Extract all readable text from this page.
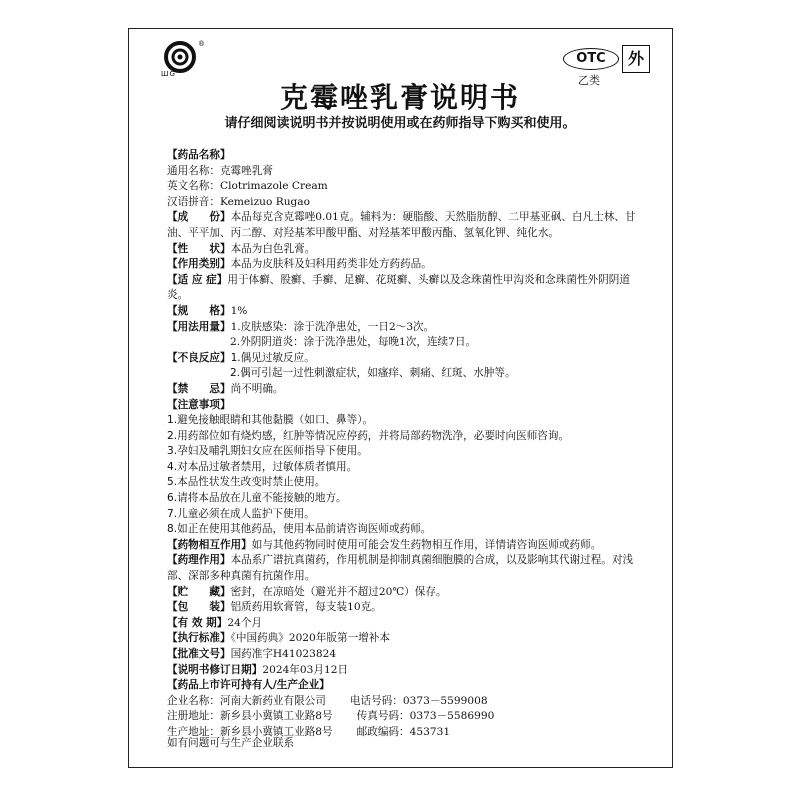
®
ШG
OTC
乙类
外
克霉唑乳膏说明书
请仔细阅读说明书并按说明使用或在药师指导下购买和使用。
【药品名称】
通用名称：克霉唑乳膏
英文名称：Clotrimazole Cream
汉语拼音：Kemeizuo Rugao
【成　　份】本品每克含克霉唑0.01克。辅料为：硬脂酸、天然脂肪醇、二甲基亚砜、白凡士林、甘油、平平加、丙二醇、对羟基苯甲酸甲酯、对羟基苯甲酸丙酯、氢氧化钾、纯化水。
【性　　状】本品为白色乳膏。
【作用类别】本品为皮肤科及妇科用药类非处方药药品。
【适 应 症】用于体癣、股癣、手癣、足癣、花斑癣、头癣以及念珠菌性甲沟炎和念珠菌性外阴阴道炎。
【规　　格】1%
【用法用量】1.皮肤感染：涂于洗净患处，一日2～3次。
2.外阴阴道炎：涂于洗净患处，每晚1次，连续7日。
【不良反应】1.偶见过敏反应。
2.偶可引起一过性刺激症状，如瘙痒、刺痛、红斑、水肿等。
【禁　　忌】尚不明确。
【注意事项】
1.避免接触眼睛和其他黏膜（如口、鼻等）。
2.用药部位如有烧灼感，红肿等情况应停药，并将局部药物洗净，必要时向医师咨询。
3.孕妇及哺乳期妇女应在医师指导下使用。
4.对本品过敏者禁用，过敏体质者慎用。
5.本品性状发生改变时禁止使用。
6.请将本品放在儿童不能接触的地方。
7.儿童必须在成人监护下使用。
8.如正在使用其他药品，使用本品前请咨询医师或药师。
【药物相互作用】如与其他药物同时使用可能会发生药物相互作用，详情请咨询医师或药师。
【药理作用】本品系广谱抗真菌药，作用机制是抑制真菌细胞膜的合成，以及影响其代谢过程。对浅部、深部多种真菌有抗菌作用。
【贮　　藏】密封，在凉暗处（避光并不超过20℃）保存。
【包　　装】铝质药用软膏管，每支装10克。
【有 效 期】24个月
【执行标准】《中国药典》2020年版第一增补本
【批准文号】国药准字H41023824
【说明书修订日期】2024年03月12日
【药品上市许可持有人/生产企业】
企业名称：河南大新药业有限公司 电话号码：0373－5599008
注册地址：新乡县小冀镇工业路8号 传真号码：0373－5586990
生产地址：新乡县小冀镇工业路8号 邮政编码：453731
如有问题可与生产企业联系
